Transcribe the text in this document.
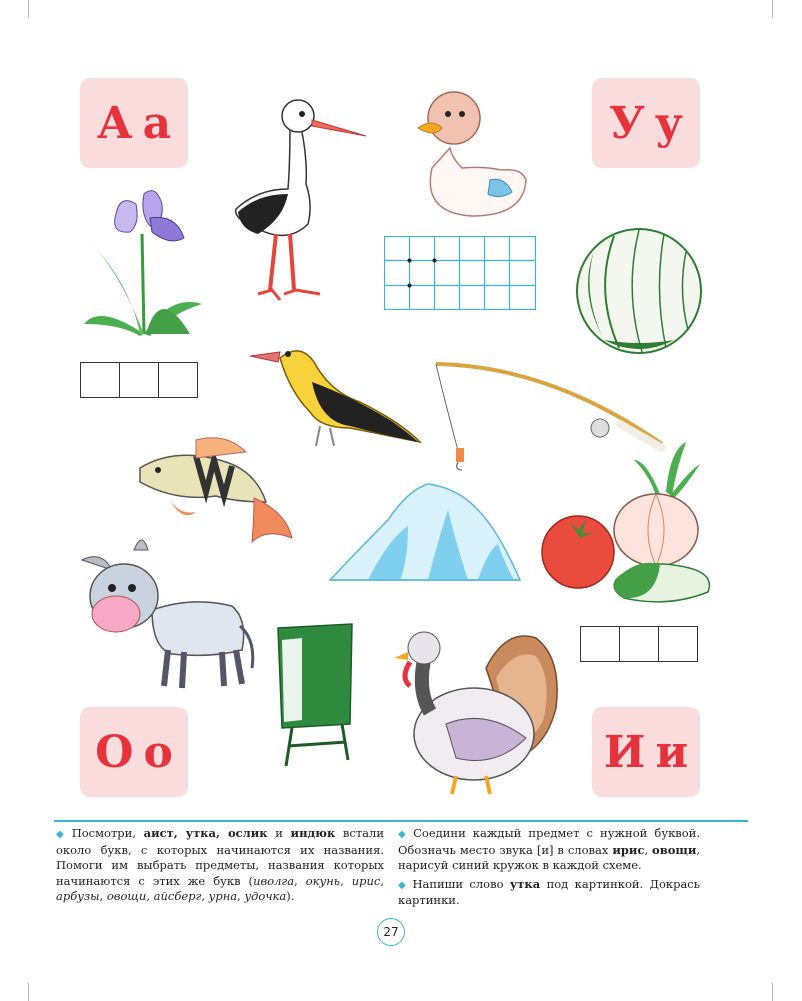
А а	У у
О о	И и

◆ Посмотри, аист, утка, ослик и индюк встали около букв, с которых начинаются их названия. Помоги им выбрать предметы, названия которых начинаются с этих же букв (иволга, окунь, ирис, арбузы, овощи, айсберг, урна, удочка).

◆ Соедини каждый предмет с нужной буквой. Обозначь место звука [и] в словах ирис, овощи, нарисуй синий кружок в каждой схеме.

◆ Напиши слово утка под картинкой. Докрась картинки.

27
